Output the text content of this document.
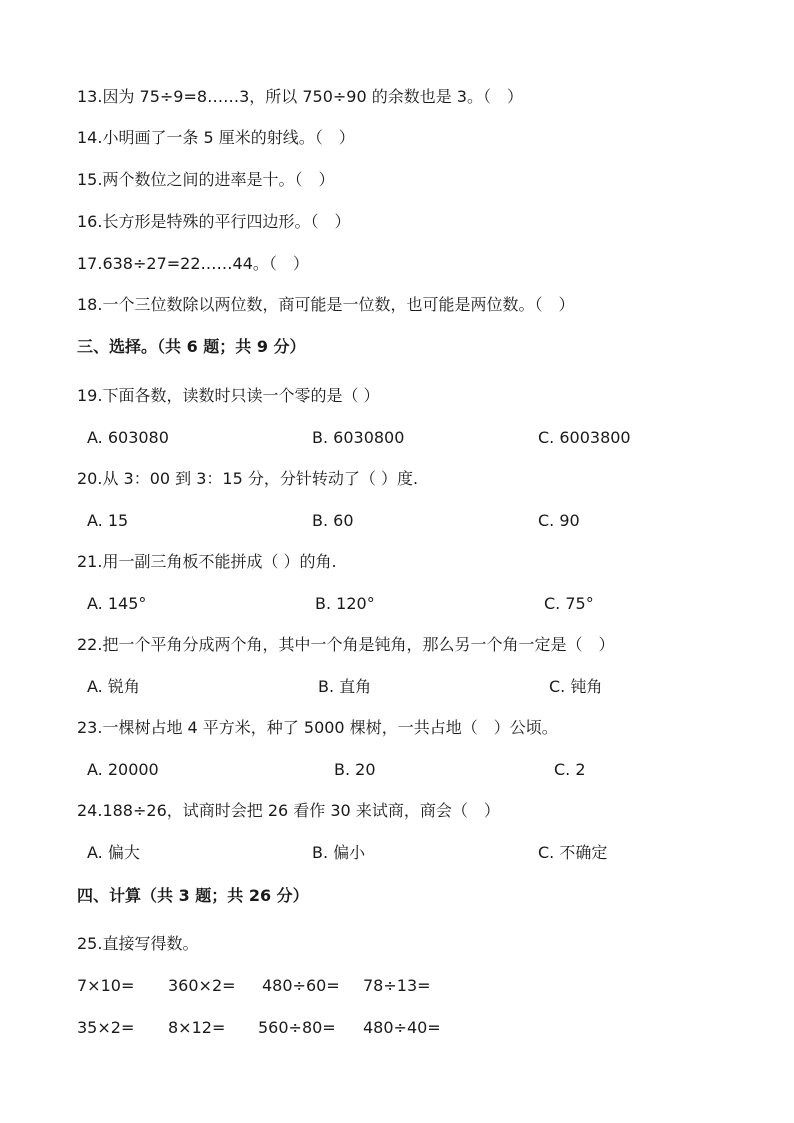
13.因为 75÷9=8……3，所以 750÷90 的余数也是 3。（　）
14.小明画了一条 5 厘米的射线。（　）
15.两个数位之间的进率是十。（　）
16.长方形是特殊的平行四边形。（　）
17.638÷27=22……44。（　）
18.一个三位数除以两位数，商可能是一位数，也可能是两位数。（　）
三、选择。（共 6 题；共 9 分）
19.下面各数，读数时只读一个零的是（ ）
A. 603080	B. 6030800	C. 6003800
20.从 3：00 到 3：15 分，分针转动了（ ）度.
A. 15	B. 60	C. 90
21.用一副三角板不能拼成（ ）的角.
A. 145°	B. 120°	C. 75°
22.把一个平角分成两个角，其中一个角是钝角，那么另一个角一定是（　）
A. 锐角	B. 直角	C. 钝角
23.一棵树占地 4 平方米，种了 5000 棵树，一共占地（　）公顷。
A. 20000	B. 20	C. 2
24.188÷26，试商时会把 26 看作 30 来试商，商会（　）
A. 偏大	B. 偏小	C. 不确定
四、计算（共 3 题；共 26 分）
25.直接写得数。
7×10= 360×2= 480÷60= 78÷13=
35×2= 8×12= 560÷80= 480÷40=
